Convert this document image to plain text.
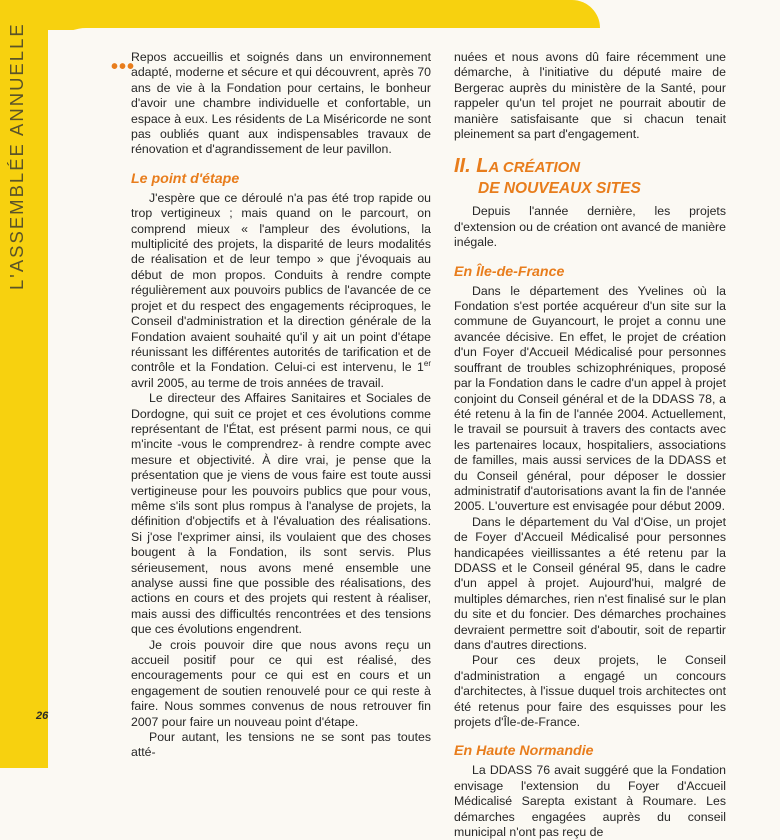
L'ASSEMBLÉE ANNUELLE
26
•••

Repos accueillis et soignés dans un environnement adapté, moderne et sécure et qui découvrent, après 70 ans de vie à la Fondation pour certains, le bonheur d'avoir une chambre individuelle et confortable, un espace à eux. Les résidents de La Miséricorde ne sont pas oubliés quant aux indispensables travaux de rénovation et d'agrandissement de leur pavillon.

Le point d'étape

J'espère que ce déroulé n'a pas été trop rapide ou trop vertigineux ; mais quand on le parcourt, on comprend mieux « l'ampleur des évolutions, la multiplicité des projets, la disparité de leurs modalités de réalisation et de leur tempo » que j'évoquais au début de mon propos. Conduits à rendre compte régulièrement aux pouvoirs publics de l'avancée de ce projet et du respect des engagements réciproques, le Conseil d'administration et la direction générale de la Fondation avaient souhaité qu'il y ait un point d'étape réunissant les différentes autorités de tarification et de contrôle et la Fondation. Celui-ci est intervenu, le 1er avril 2005, au terme de trois années de travail.

Le directeur des Affaires Sanitaires et Sociales de Dordogne, qui suit ce projet et ces évolutions comme représentant de l'État, est présent parmi nous, ce qui m'incite -vous le comprendrez- à rendre compte avec mesure et objectivité. À dire vrai, je pense que la présentation que je viens de vous faire est toute aussi vertigineuse pour les pouvoirs publics que pour vous, même s'ils sont plus rompus à l'analyse de projets, la définition d'objectifs et à l'évaluation des réalisations. Si j'ose l'exprimer ainsi, ils voulaient que des choses bougent à la Fondation, ils sont servis. Plus sérieusement, nous avons mené ensemble une analyse aussi fine que possible des réalisations, des actions en cours et des projets qui restent à réaliser, mais aussi des difficultés rencontrées et des tensions que ces évolutions engendrent.

Je crois pouvoir dire que nous avons reçu un accueil positif pour ce qui est réalisé, des encouragements pour ce qui est en cours et un engagement de soutien renouvelé pour ce qui reste à faire. Nous sommes convenus de nous retrouver fin 2007 pour faire un nouveau point d'étape.

Pour autant, les tensions ne se sont pas toutes atté-

nuées et nous avons dû faire récemment une démarche, à l'initiative du député maire de Bergerac auprès du ministère de la Santé, pour rappeler qu'un tel projet ne pourrait aboutir de manière satisfaisante que si chacun tenait pleinement sa part d'engagement.

II. LA CRÉATION
DE NOUVEAUX SITES

Depuis l'année dernière, les projets d'extension ou de création ont avancé de manière inégale.

En Île-de-France

Dans le département des Yvelines où la Fondation s'est portée acquéreur d'un site sur la commune de Guyancourt, le projet a connu une avancée décisive. En effet, le projet de création d'un Foyer d'Accueil Médicalisé pour personnes souffrant de troubles schizophréniques, proposé par la Fondation dans le cadre d'un appel à projet conjoint du Conseil général et de la DDASS 78, a été retenu à la fin de l'année 2004. Actuellement, le travail se poursuit à travers des contacts avec les partenaires locaux, hospitaliers, associations de familles, mais aussi services de la DDASS et du Conseil général, pour déposer le dossier administratif d'autorisations avant la fin de l'année 2005. L'ouverture est envisagée pour début 2009.

Dans le département du Val d'Oise, un projet de Foyer d'Accueil Médicalisé pour personnes handicapées vieillissantes a été retenu par la DDASS et le Conseil général 95, dans le cadre d'un appel à projet. Aujourd'hui, malgré de multiples démarches, rien n'est finalisé sur le plan du site et du foncier. Des démarches prochaines devraient permettre soit d'aboutir, soit de repartir dans d'autres directions.

Pour ces deux projets, le Conseil d'administration a engagé un concours d'architectes, à l'issue duquel trois architectes ont été retenus pour faire des esquisses pour les projets d'Île-de-France.

En Haute Normandie

La DDASS 76 avait suggéré que la Fondation envisage l'extension du Foyer d'Accueil Médicalisé Sarepta existant à Roumare. Les démarches engagées auprès du conseil municipal n'ont pas reçu de
